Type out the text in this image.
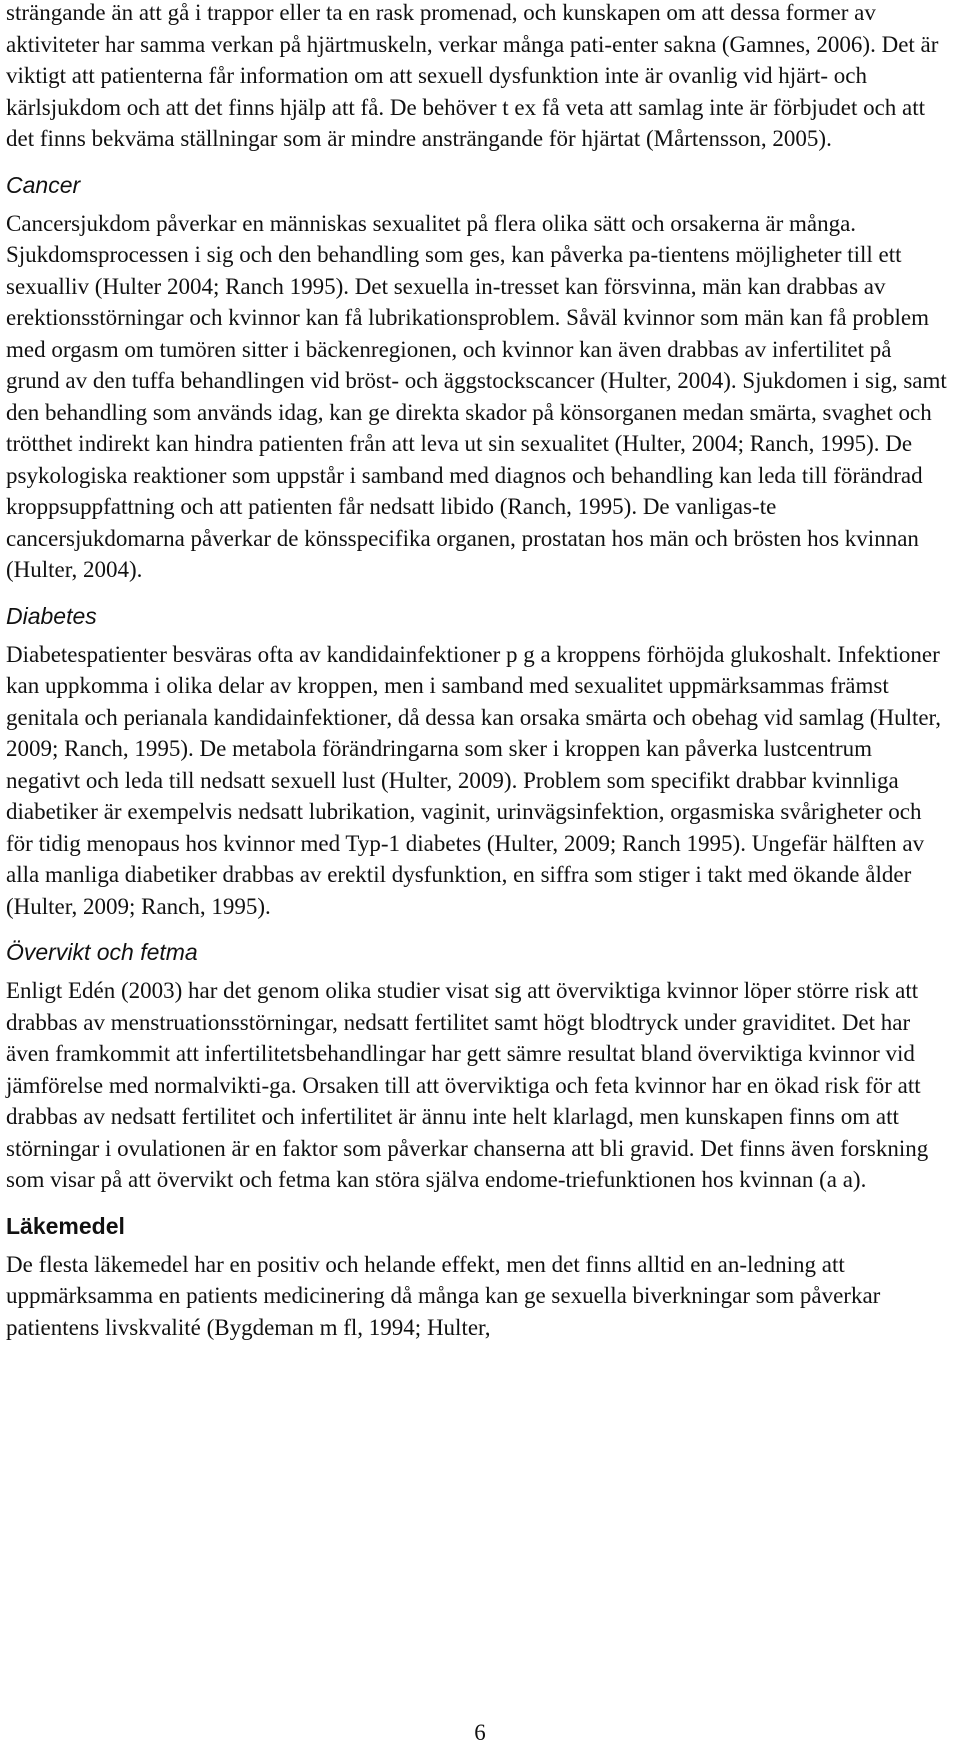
strängande än att gå i trappor eller ta en rask promenad, och kunskapen om att dessa former av aktiviteter har samma verkan på hjärtmuskeln, verkar många pati-enter sakna (Gamnes, 2006). Det är viktigt att patienterna får information om att sexuell dysfunktion inte är ovanlig vid hjärt- och kärlsjukdom och att det finns hjälp att få. De behöver t ex få veta att samlag inte är förbjudet och att det finns bekväma ställningar som är mindre ansträngande för hjärtat (Mårtensson, 2005).

Cancer

Cancersjukdom påverkar en människas sexualitet på flera olika sätt och orsakerna är många. Sjukdomsprocessen i sig och den behandling som ges, kan påverka pa-tientens möjligheter till ett sexualliv (Hulter 2004; Ranch 1995). Det sexuella in-tresset kan försvinna, män kan drabbas av erektionsstörningar och kvinnor kan få lubrikationsproblem. Såväl kvinnor som män kan få problem med orgasm om tumören sitter i bäckenregionen, och kvinnor kan även drabbas av infertilitet på grund av den tuffa behandlingen vid bröst- och äggstockscancer (Hulter, 2004). Sjukdomen i sig, samt den behandling som används idag, kan ge direkta skador på könsorganen medan smärta, svaghet och trötthet indirekt kan hindra patienten från att leva ut sin sexualitet (Hulter, 2004; Ranch, 1995). De psykologiska reaktioner som uppstår i samband med diagnos och behandling kan leda till förändrad kroppsuppfattning och att patienten får nedsatt libido (Ranch, 1995). De vanligas-te cancersjukdomarna påverkar de könsspecifika organen, prostatan hos män och brösten hos kvinnan (Hulter, 2004).

Diabetes

Diabetespatienter besväras ofta av kandidainfektioner p g a kroppens förhöjda glukoshalt. Infektioner kan uppkomma i olika delar av kroppen, men i samband med sexualitet uppmärksammas främst genitala och perianala kandidainfektioner, då dessa kan orsaka smärta och obehag vid samlag (Hulter, 2009; Ranch, 1995). De metabola förändringarna som sker i kroppen kan påverka lustcentrum negativt och leda till nedsatt sexuell lust (Hulter, 2009). Problem som specifikt drabbar kvinnliga diabetiker är exempelvis nedsatt lubrikation, vaginit, urinvägsinfektion, orgasmiska svårigheter och för tidig menopaus hos kvinnor med Typ-1 diabetes (Hulter, 2009; Ranch 1995). Ungefär hälften av alla manliga diabetiker drabbas av erektil dysfunktion, en siffra som stiger i takt med ökande ålder (Hulter, 2009; Ranch, 1995).

Övervikt och fetma

Enligt Edén (2003) har det genom olika studier visat sig att överviktiga kvinnor löper större risk att drabbas av menstruationsstörningar, nedsatt fertilitet samt högt blodtryck under graviditet. Det har även framkommit att infertilitetsbehandlingar har gett sämre resultat bland överviktiga kvinnor vid jämförelse med normalvikti-ga. Orsaken till att överviktiga och feta kvinnor har en ökad risk för att drabbas av nedsatt fertilitet och infertilitet är ännu inte helt klarlagd, men kunskapen finns om att störningar i ovulationen är en faktor som påverkar chanserna att bli gravid. Det finns även forskning som visar på att övervikt och fetma kan störa själva endome-triefunktionen hos kvinnan (a a).

Läkemedel

De flesta läkemedel har en positiv och helande effekt, men det finns alltid en an-ledning att uppmärksamma en patients medicinering då många kan ge sexuella biverkningar som påverkar patientens livskvalité (Bygdeman m fl, 1994; Hulter,

6
